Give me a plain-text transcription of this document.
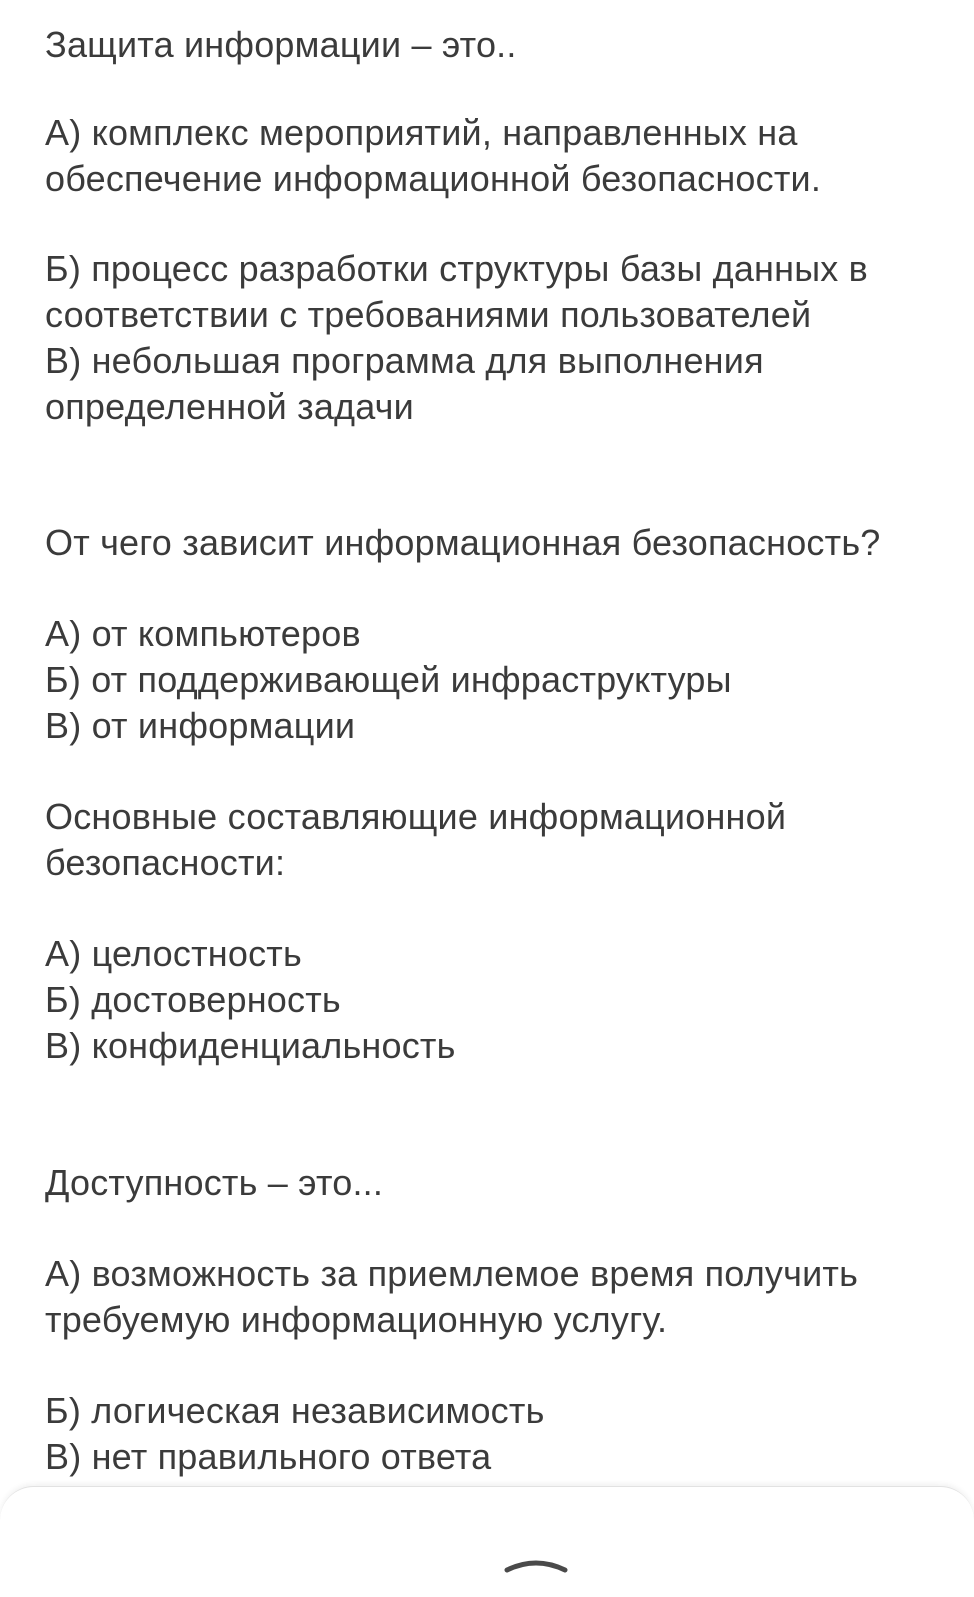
Защита информации – это..
А) комплекс мероприятий, направленных на
обеспечение информационной безопасности.
Б) процесс разработки структуры базы данных в
соответствии с требованиями пользователей
В) небольшая программа для выполнения
определенной задачи
От чего зависит информационная безопасность?
А) от компьютеров
Б) от поддерживающей инфраструктуры
В) от информации
Основные составляющие информационной
безопасности:
А) целостность
Б) достоверность
В) конфиденциальность
Доступность – это...
А) возможность за приемлемое время получить
требуемую информационную услугу.
Б) логическая независимость
В) нет правильного ответа
